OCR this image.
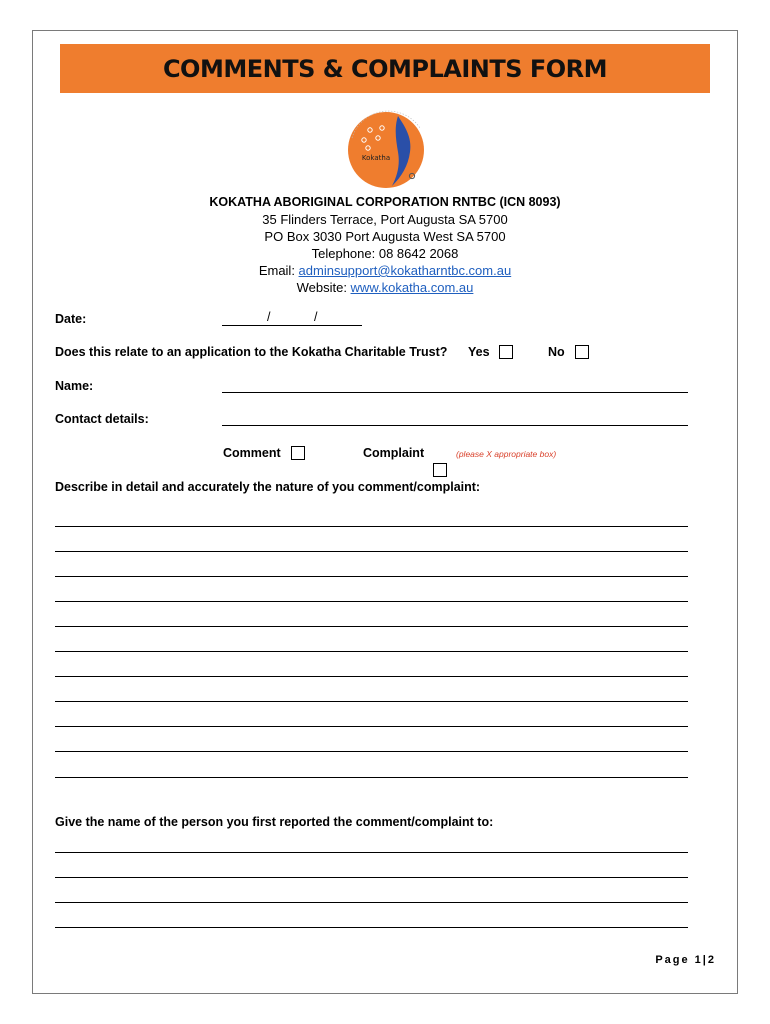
COMMENTS & COMPLAINTS FORM
Kokatha
KOKATHA ABORIGINAL CORPORATION RNTBC (ICN 8093)
35 Flinders Terrace, Port Augusta SA 5700
PO Box 3030 Port Augusta West SA 5700
Telephone: 08 8642 2068
Email: adminsupport@kokatharntbc.com.au
Website: www.kokatha.com.au
Date:	/	/
Does this relate to an application to the Kokatha Charitable Trust? Yes	No
Name:
Contact details:
Comment	Complaint	(please X appropriate box)
Describe in detail and accurately the nature of you comment/complaint:
Give the name of the person you first reported the comment/complaint to:
Page 1|2
